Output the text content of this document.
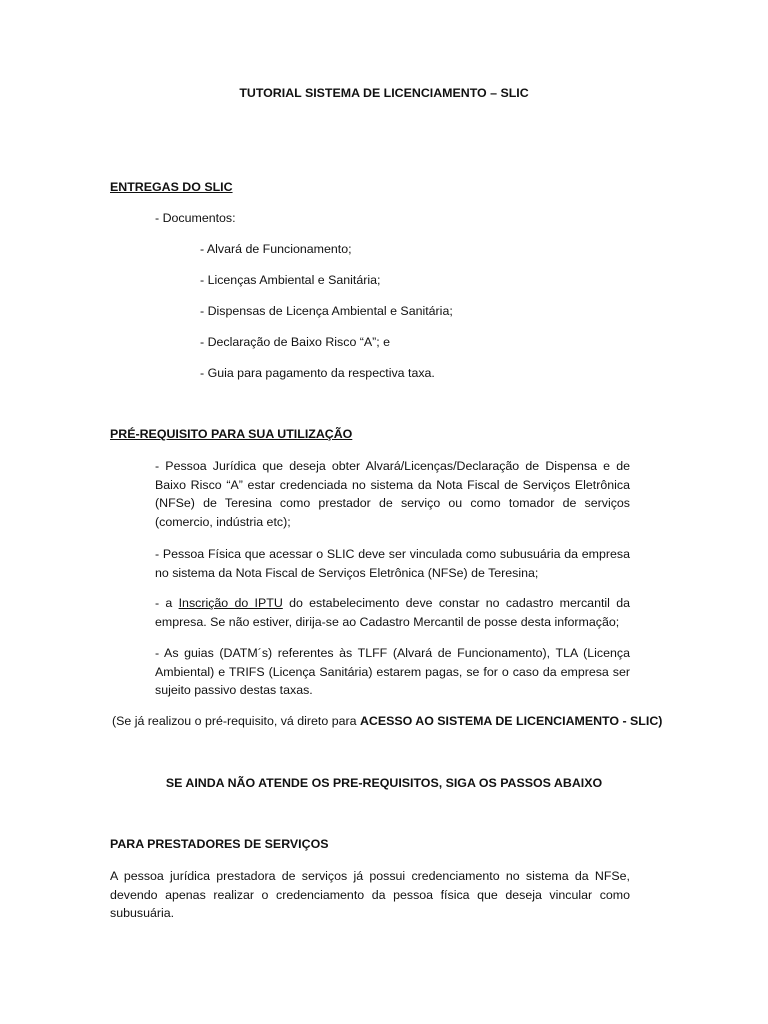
TUTORIAL SISTEMA DE LICENCIAMENTO – SLIC

ENTREGAS DO SLIC

- Documentos:

- Alvará de Funcionamento;

- Licenças Ambiental e Sanitária;

- Dispensas de Licença Ambiental e Sanitária;

- Declaração de Baixo Risco “A”; e

- Guia para pagamento da respectiva taxa.

PRÉ-REQUISITO PARA SUA UTILIZAÇÃO

- Pessoa Jurídica que deseja obter Alvará/Licenças/Declaração de Dispensa e de Baixo Risco “A” estar credenciada no sistema da Nota Fiscal de Serviços Eletrônica (NFSe) de Teresina como prestador de serviço ou como tomador de serviços (comercio, indústria etc);

- Pessoa Física que acessar o SLIC deve ser vinculada como subusuária da empresa no sistema da Nota Fiscal de Serviços Eletrônica (NFSe) de Teresina;

- a Inscrição do IPTU do estabelecimento deve constar no cadastro mercantil da empresa. Se não estiver, dirija-se ao Cadastro Mercantil de posse desta informação;

- As guias (DATM´s) referentes às TLFF (Alvará de Funcionamento), TLA (Licença Ambiental) e TRIFS (Licença Sanitária) estarem pagas, se for o caso da empresa ser sujeito passivo destas taxas.

(Se já realizou o pré-requisito, vá direto para ACESSO AO SISTEMA DE LICENCIAMENTO - SLIC)

SE AINDA NÃO ATENDE OS PRE-REQUISITOS, SIGA OS PASSOS ABAIXO

PARA PRESTADORES DE SERVIÇOS

A pessoa jurídica prestadora de serviços já possui credenciamento no sistema da NFSe, devendo apenas realizar o credenciamento da pessoa física que deseja vincular como subusuária.
